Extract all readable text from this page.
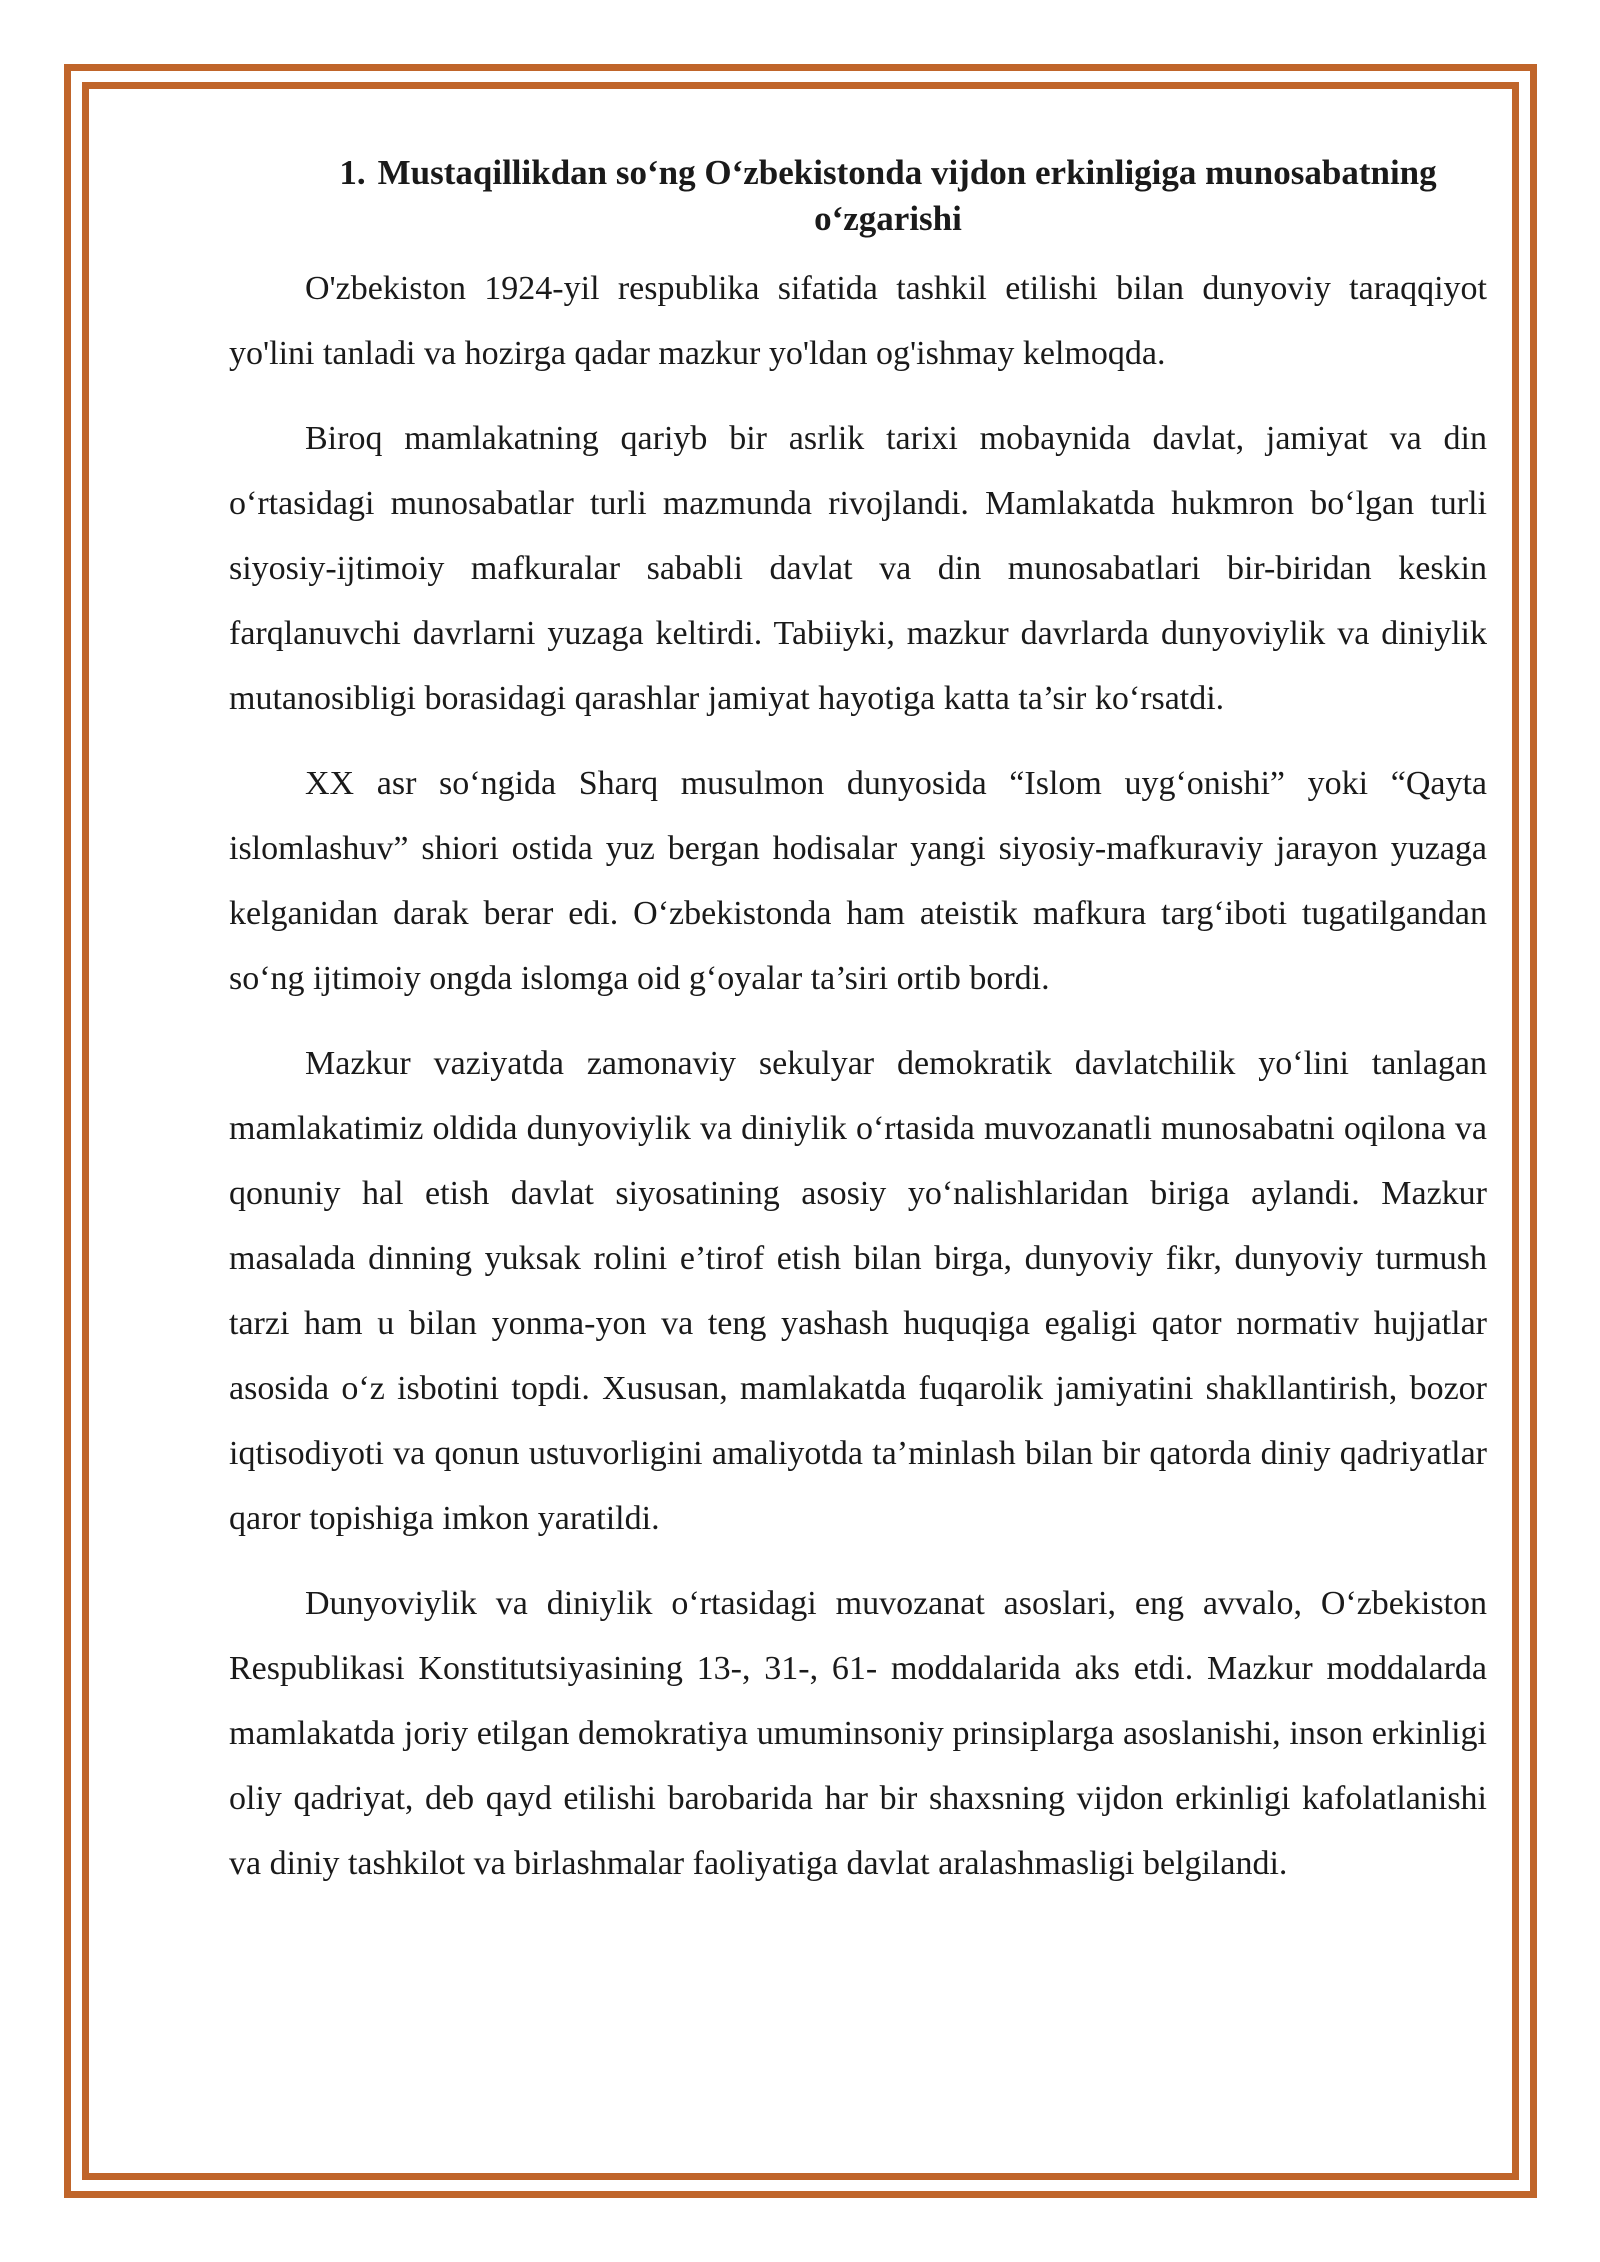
1. Mustaqillikdan so‘ng O‘zbekistonda vijdon erkinligiga munosabatning o‘zgarishi

O'zbekiston 1924-yil respublika sifatida tashkil etilishi bilan dunyoviy taraqqiyot yo'lini tanladi va hozirga qadar mazkur yo'ldan og'ishmay kelmoqda.

Biroq mamlakatning qariyb bir asrlik tarixi mobaynida davlat, jamiyat va din o‘rtasidagi munosabatlar turli mazmunda rivojlandi. Mamlakatda hukmron bo‘lgan turli siyosiy-ijtimoiy mafkuralar sababli davlat va din munosabatlari bir-biridan keskin farqlanuvchi davrlarni yuzaga keltirdi. Tabiiyki, mazkur davrlarda dunyoviylik va diniylik mutanosibligi borasidagi qarashlar jamiyat hayotiga katta ta’sir ko‘rsatdi.

XX asr so‘ngida Sharq musulmon dunyosida “Islom uyg‘onishi” yoki “Qayta islomlashuv” shiori ostida yuz bergan hodisalar yangi siyosiy-mafkuraviy jarayon yuzaga kelganidan darak berar edi. O‘zbekistonda ham ateistik mafkura targ‘iboti tugatilgandan so‘ng ijtimoiy ongda islomga oid g‘oyalar ta’siri ortib bordi.

Mazkur vaziyatda zamonaviy sekulyar demokratik davlatchilik yo‘lini tanlagan mamlakatimiz oldida dunyoviylik va diniylik o‘rtasida muvozanatli munosabatni oqilona va qonuniy hal etish davlat siyosatining asosiy yo‘nalishlaridan biriga aylandi. Mazkur masalada dinning yuksak rolini e’tirof etish bilan birga, dunyoviy fikr, dunyoviy turmush tarzi ham u bilan yonma-yon va teng yashash huquqiga egaligi qator normativ hujjatlar asosida o‘z isbotini topdi. Xususan, mamlakatda fuqarolik jamiyatini shakllantirish, bozor iqtisodiyoti va qonun ustuvorligini amaliyotda ta’minlash bilan bir qatorda diniy qadriyatlar qaror topishiga imkon yaratildi.

Dunyoviylik va diniylik o‘rtasidagi muvozanat asoslari, eng avvalo, O‘zbekiston Respublikasi Konstitutsiyasining 13-, 31-, 61- moddalarida aks etdi. Mazkur moddalarda mamlakatda joriy etilgan demokratiya umuminsoniy prinsiplarga asoslanishi, inson erkinligi oliy qadriyat, deb qayd etilishi barobarida har bir shaxsning vijdon erkinligi kafolatlanishi va diniy tashkilot va birlashmalar faoliyatiga davlat aralashmasligi belgilandi.
